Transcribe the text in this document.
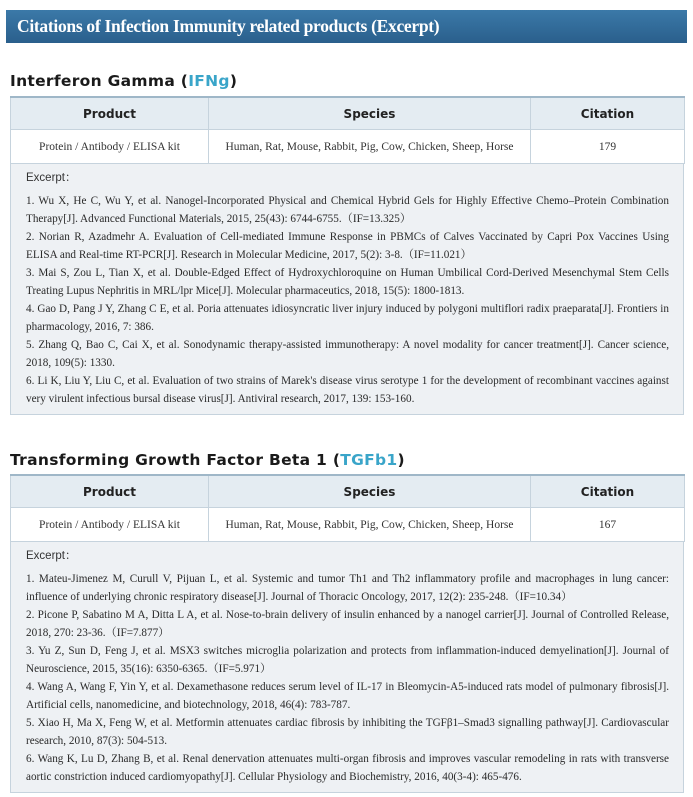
Citations of Infection Immunity related products (Excerpt)
Interferon Gamma (IFNg)
Product	Species	Citation
Protein / Antibody / ELISA kit	Human, Rat, Mouse, Rabbit, Pig, Cow, Chicken, Sheep, Horse	179
Excerpt：
1. Wu X, He C, Wu Y, et al. Nanogel-Incorporated Physical and Chemical Hybrid Gels for Highly Effective Chemo–Protein Combination Therapy[J]. Advanced Functional Materials, 2015, 25(43): 6744-6755.（IF=13.325）
2. Norian R, Azadmehr A. Evaluation of Cell-mediated Immune Response in PBMCs of Calves Vaccinated by Capri Pox Vaccines Using ELISA and Real-time RT-PCR[J]. Research in Molecular Medicine, 2017, 5(2): 3-8.（IF=11.021）
3. Mai S, Zou L, Tian X, et al. Double-Edged Effect of Hydroxychloroquine on Human Umbilical Cord-Derived Mesenchymal Stem Cells Treating Lupus Nephritis in MRL/lpr Mice[J]. Molecular pharmaceutics, 2018, 15(5): 1800-1813.
4. Gao D, Pang J Y, Zhang C E, et al. Poria attenuates idiosyncratic liver injury induced by polygoni multiflori radix praeparata[J]. Frontiers in pharmacology, 2016, 7: 386.
5. Zhang Q, Bao C, Cai X, et al. Sonodynamic therapy-assisted immunotherapy: A novel modality for cancer treatment[J]. Cancer science, 2018, 109(5): 1330.
6. Li K, Liu Y, Liu C, et al. Evaluation of two strains of Marek's disease virus serotype 1 for the development of recombinant vaccines against very virulent infectious bursal disease virus[J]. Antiviral research, 2017, 139: 153-160.
Transforming Growth Factor Beta 1 (TGFb1)
Product	Species	Citation
Protein / Antibody / ELISA kit	Human, Rat, Mouse, Rabbit, Pig, Cow, Chicken, Sheep, Horse	167
Excerpt：
1. Mateu-Jimenez M, Curull V, Pijuan L, et al. Systemic and tumor Th1 and Th2 inflammatory profile and macrophages in lung cancer: influence of underlying chronic respiratory disease[J]. Journal of Thoracic Oncology, 2017, 12(2): 235-248.（IF=10.34）
2. Picone P, Sabatino M A, Ditta L A, et al. Nose-to-brain delivery of insulin enhanced by a nanogel carrier[J]. Journal of Controlled Release, 2018, 270: 23-36.（IF=7.877）
3. Yu Z, Sun D, Feng J, et al. MSX3 switches microglia polarization and protects from inflammation-induced demyelination[J]. Journal of Neuroscience, 2015, 35(16): 6350-6365.（IF=5.971）
4. Wang A, Wang F, Yin Y, et al. Dexamethasone reduces serum level of IL-17 in Bleomycin-A5-induced rats model of pulmonary fibrosis[J]. Artificial cells, nanomedicine, and biotechnology, 2018, 46(4): 783-787.
5. Xiao H, Ma X, Feng W, et al. Metformin attenuates cardiac fibrosis by inhibiting the TGFβ1–Smad3 signalling pathway[J]. Cardiovascular research, 2010, 87(3): 504-513.
6. Wang K, Lu D, Zhang B, et al. Renal denervation attenuates multi-organ fibrosis and improves vascular remodeling in rats with transverse aortic constriction induced cardiomyopathy[J]. Cellular Physiology and Biochemistry, 2016, 40(3-4): 465-476.
